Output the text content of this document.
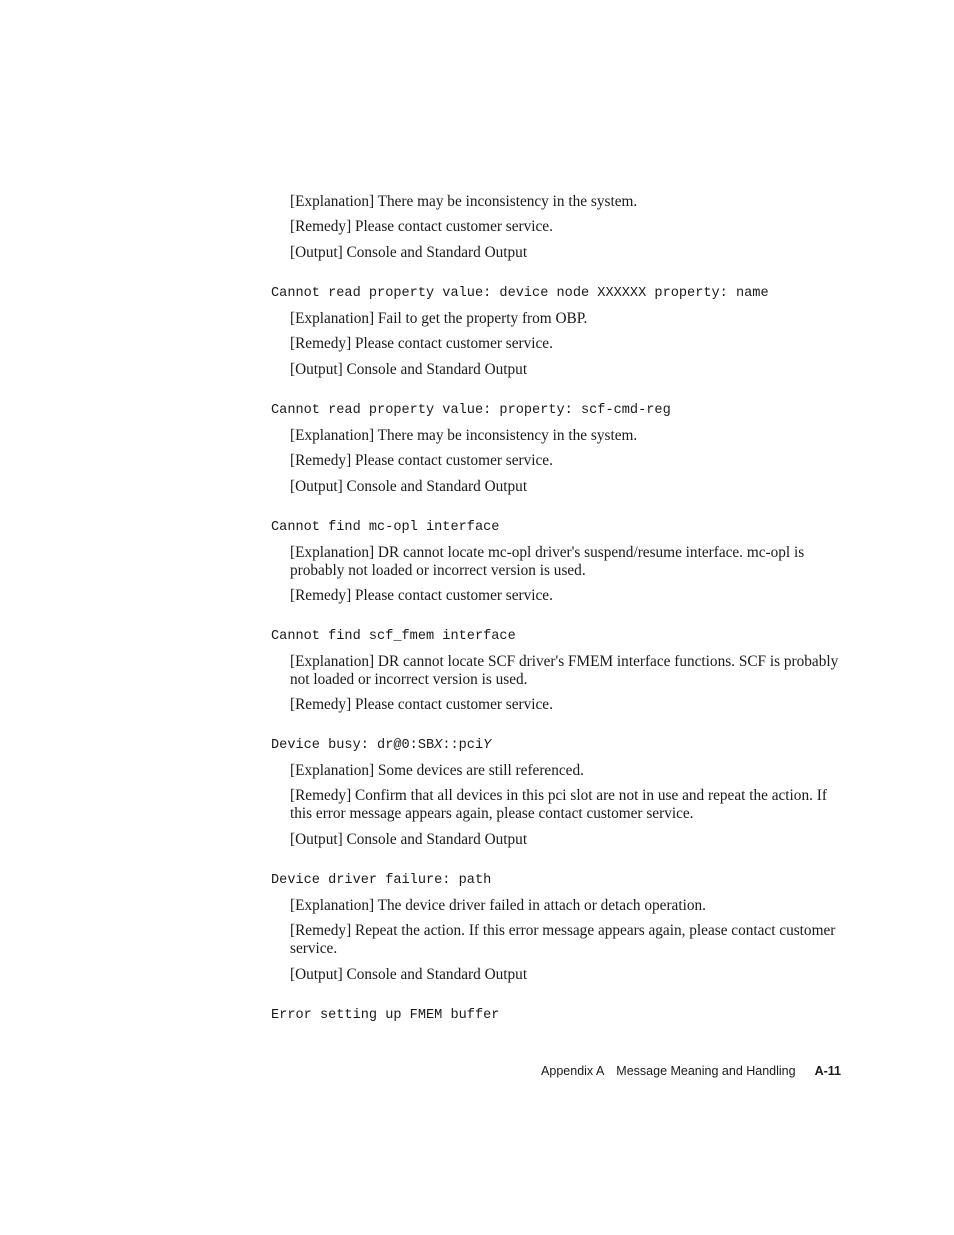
[Explanation] There may be inconsistency in the system.
[Remedy] Please contact customer service.
[Output] Console and Standard Output
Cannot read property value: device node XXXXXX property: name
[Explanation] Fail to get the property from OBP.
[Remedy] Please contact customer service.
[Output] Console and Standard Output
Cannot read property value: property: scf-cmd-reg
[Explanation] There may be inconsistency in the system.
[Remedy] Please contact customer service.
[Output] Console and Standard Output
Cannot find mc-opl interface
[Explanation] DR cannot locate mc-opl driver's suspend/resume interface. mc-opl is probably not loaded or incorrect version is used.
[Remedy] Please contact customer service.
Cannot find scf_fmem interface
[Explanation] DR cannot locate SCF driver's FMEM interface functions. SCF is probably not loaded or incorrect version is used.
[Remedy] Please contact customer service.
Device busy: dr@0:SBX::pciY
[Explanation] Some devices are still referenced.
[Remedy] Confirm that all devices in this pci slot are not in use and repeat the action. If this error message appears again, please contact customer service.
[Output] Console and Standard Output
Device driver failure: path
[Explanation] The device driver failed in attach or detach operation.
[Remedy] Repeat the action. If this error message appears again, please contact customer service.
[Output] Console and Standard Output
Error setting up FMEM buffer
Appendix A Message Meaning and Handling A-11
